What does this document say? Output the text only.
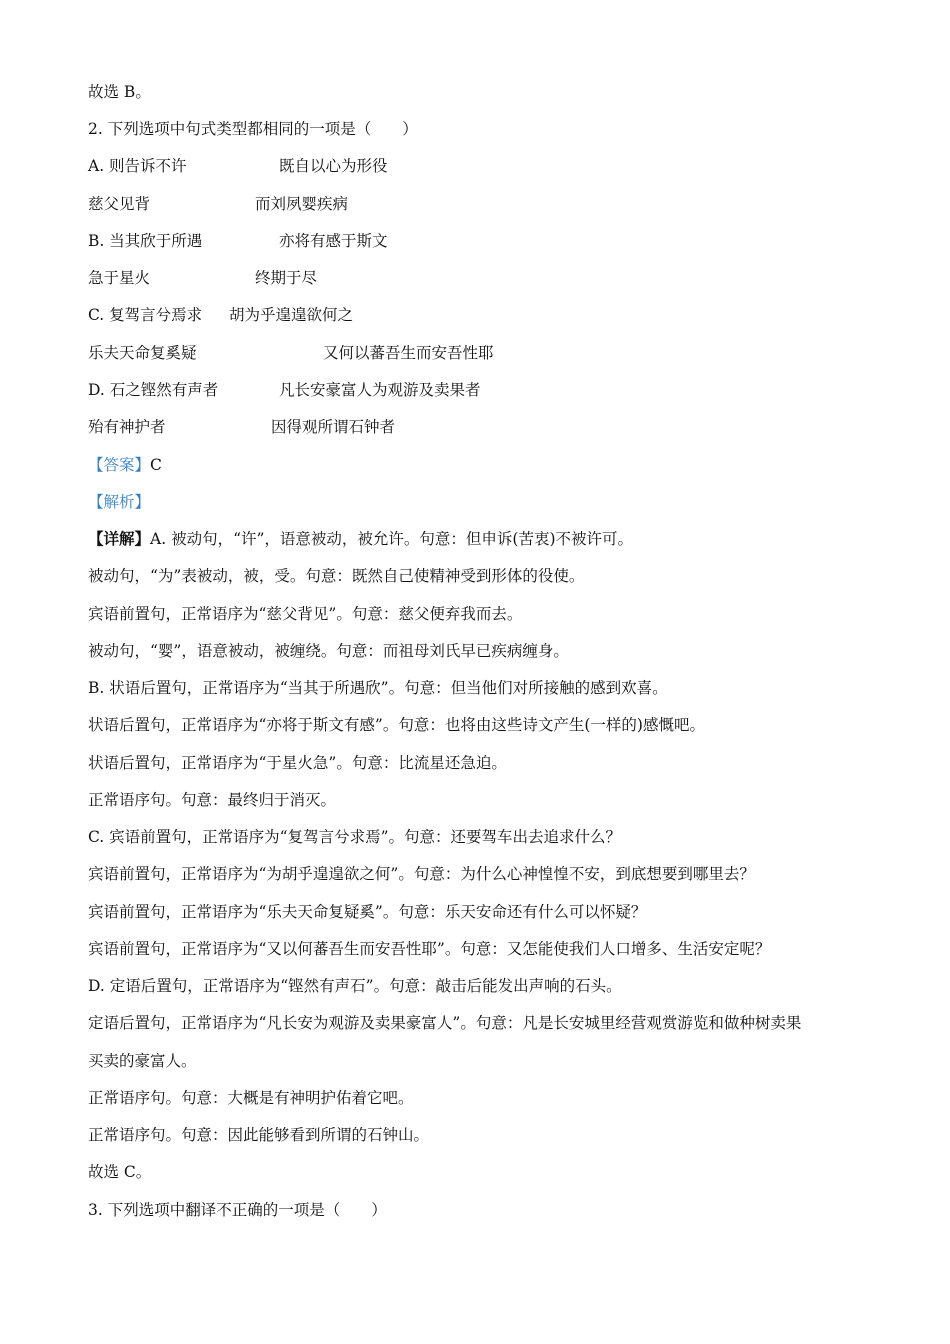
故选 B。
2. 下列选项中句式类型都相同的一项是（　　）
A. 则告诉不许	既自以心为形役
慈父见背	而刘夙婴疾病
B. 当其欣于所遇	亦将有感于斯文
急于星火	终期于尽
C. 复驾言兮焉求 胡为乎遑遑欲何之
乐夫天命复奚疑	又何以蕃吾生而安吾性耶
D. 石之铿然有声者	凡长安豪富人为观游及卖果者
殆有神护者	因得观所谓石钟者
【答案】C
【解析】
【详解】A. 被动句，“许”，语意被动，被允许。句意：但申诉(苦衷)不被许可。
被动句，“为”表被动，被，受。句意：既然自己使精神受到形体的役使。
宾语前置句，正常语序为“慈父背见”。句意：慈父便弃我而去。
被动句，“婴”，语意被动，被缠绕。句意：而祖母刘氏早已疾病缠身。
B. 状语后置句，正常语序为“当其于所遇欣”。句意：但当他们对所接触的感到欢喜。
状语后置句，正常语序为“亦将于斯文有感”。句意：也将由这些诗文产生(一样的)感慨吧。
状语后置句，正常语序为“于星火急”。句意：比流星还急迫。
正常语序句。句意：最终归于消灭。
C. 宾语前置句，正常语序为“复驾言兮求焉”。句意：还要驾车出去追求什么？
宾语前置句，正常语序为“为胡乎遑遑欲之何”。句意：为什么心神惶惶不安，到底想要到哪里去？
宾语前置句，正常语序为“乐夫天命复疑奚”。句意：乐天安命还有什么可以怀疑？
宾语前置句，正常语序为“又以何蕃吾生而安吾性耶”。句意：又怎能使我们人口增多、生活安定呢？
D. 定语后置句，正常语序为“铿然有声石”。句意：敲击后能发出声响的石头。
定语后置句，正常语序为“凡长安为观游及卖果豪富人”。句意：凡是长安城里经营观赏游览和做种树卖果
买卖的豪富人。
正常语序句。句意：大概是有神明护佑着它吧。
正常语序句。句意：因此能够看到所谓的石钟山。
故选 C。
3. 下列选项中翻译不正确的一项是（　　）
